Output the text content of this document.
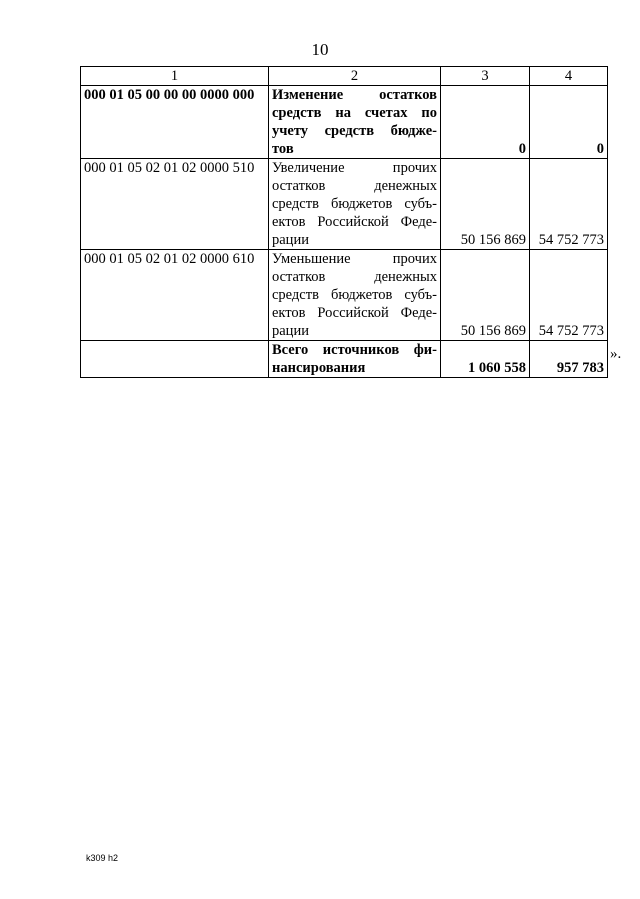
10
1	2	3	4
000 01 05 00 00 00 0000 000	Изменение остатков
средств на счетах по
учету средств бюдже-
тов	0	0
000 01 05 02 01 02 0000 510	Увеличение прочих
остатков денежных
средств бюджетов субъ-
ектов Российской Феде-
рации	50 156 869	54 752 773
000 01 05 02 01 02 0000 610	Уменьшение прочих
остатков денежных
средств бюджетов субъ-
ектов Российской Феде-
рации	50 156 869	54 752 773

	Всего источников фи-
нансирования	1 060 558	957 783
».
k309 h2
